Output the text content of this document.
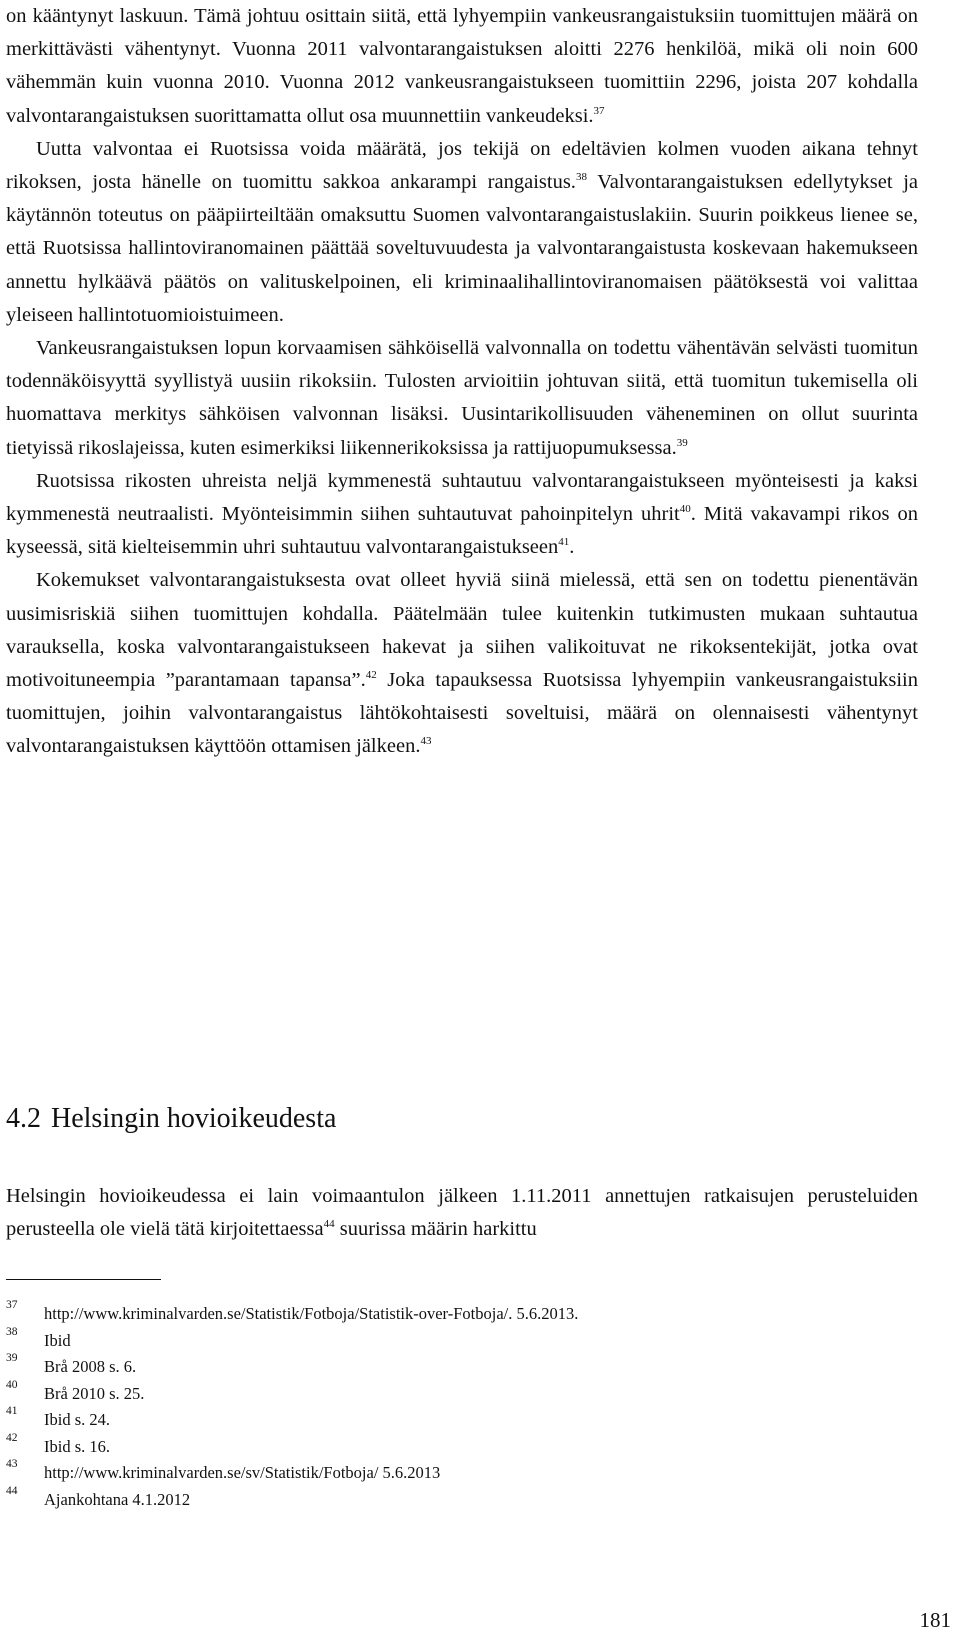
on kääntynyt laskuun. Tämä johtuu osittain siitä, että lyhyempiin vankeusrangaistuksiin tuomittujen määrä on merkittävästi vähentynyt. Vuonna 2011 valvontarangaistuksen aloitti 2276 henkilöä, mikä oli noin 600 vähemmän kuin vuonna 2010. Vuonna 2012 vankeusrangaistukseen tuomittiin 2296, joista 207 kohdalla valvontarangaistuksen suorittamatta ollut osa muunnettiin vankeudeksi.$^{37}$

Uutta valvontaa ei Ruotsissa voida määrätä, jos tekijä on edeltävien kolmen vuoden aikana tehnyt rikoksen, josta hänelle on tuomittu sakkoa ankarampi rangaistus.$^{38}$ Valvontarangaistuksen edellytykset ja käytännön toteutus on pääpiirteiltään omaksuttu Suomen valvontarangaistuslakiin. Suurin poikkeus lienee se, että Ruotsissa hallintoviranomainen päättää soveltuvuudesta ja valvontarangaistusta koskevaan hakemukseen annettu hylkäävä päätös on valituskelpoinen, eli kriminaalihallintoviranomaisen päätöksestä voi valittaa yleiseen hallintotuomioistuimeen.

Vankeusrangaistuksen lopun korvaamisen sähköisellä valvonnalla on todettu vähentävän selvästi tuomitun todennäköisyyttä syyllistyä uusiin rikoksiin. Tulosten arvioitiin johtuvan siitä, että tuomitun tukemisella oli huomattava merkitys sähköisen valvonnan lisäksi. Uusintarikollisuuden väheneminen on ollut suurinta tietyissä rikoslajeissa, kuten esimerkiksi liikennerikoksissa ja rattijuopumuksessa.$^{39}$

Ruotsissa rikosten uhreista neljä kymmenestä suhtautuu valvontarangaistukseen myönteisesti ja kaksi kymmenestä neutraalisti. Myönteisimmin siihen suhtautuvat pahoinpitelyn uhrit$^{40}$. Mitä vakavampi rikos on kyseessä, sitä kielteisemmin uhri suhtautuu valvontarangaistukseen$^{41}$.

Kokemukset valvontarangaistuksesta ovat olleet hyviä siinä mielessä, että sen on todettu pienentävän uusimisriskiä siihen tuomittujen kohdalla. Päätelmään tulee kuitenkin tutkimusten mukaan suhtautua varauksella, koska valvontarangaistukseen hakevat ja siihen valikoituvat ne rikoksentekijät, jotka ovat motivoituneempia ”parantamaan tapansa”.$^{42}$ Joka tapauksessa Ruotsissa lyhyempiin vankeusrangaistuksiin tuomittujen, joihin valvontarangaistus lähtökohtaisesti soveltuisi, määrä on olennaisesti vähentynyt valvontarangaistuksen käyttöön ottamisen jälkeen.$^{43}$

4.2 Helsingin hovioikeudesta

Helsingin hovioikeudessa ei lain voimaantulon jälkeen 1.11.2011 annettujen ratkaisujen perusteluiden perusteella ole vielä tätä kirjoitettaessa$^{44}$ suurissa määrin harkittu

37	http://www.kriminalvarden.se/Statistik/Fotboja/Statistik-over-Fotboja/. 5.6.2013.
38	Ibid
39	Brå 2008 s. 6.
40	Brå 2010 s. 25.
41	Ibid s. 24.
42	Ibid s. 16.
43	http://www.kriminalvarden.se/sv/Statistik/Fotboja/ 5.6.2013
44	Ajankohtana 4.1.2012
181
